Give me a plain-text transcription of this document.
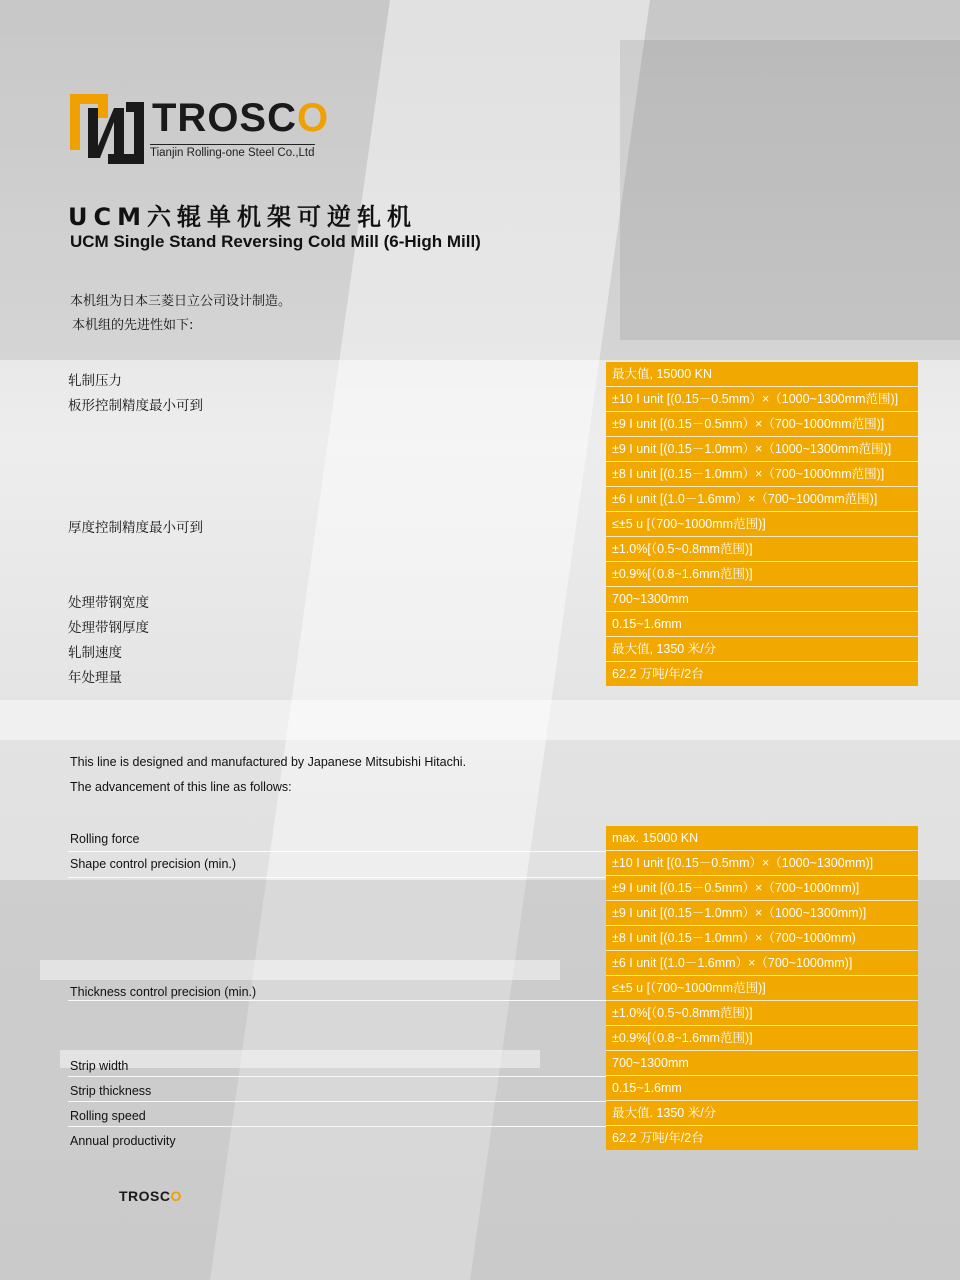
TROSCO
Tianjin Rolling-one Steel Co.,Ltd
UCM六辊单机架可逆轧机
UCM Single Stand Reversing Cold Mill (6-High Mill)
本机组为日本三菱日立公司设计制造。
本机组的先进性如下:
轧制压力
板形控制精度最小可到
厚度控制精度最小可到
处理带钢宽度
处理带钢厚度
轧制速度
年处理量
最大值, 15000 KN
±10 I unit [(0.15－0.5mm）×（1000~1300mm范围)]
±9 I unit [(0.15－0.5mm）×（700~1000mm范围)]
±9 I unit [(0.15－1.0mm）×（1000~1300mm范围)]
±8 I unit [(0.15－1.0mm）×（700~1000mm范围)]
±6 I unit [(1.0－1.6mm）×（700~1000mm范围)]
≤±5 u [（700~1000mm范围)]
±1.0%[（0.5~0.8mm范围)]
±0.9%[（0.8~1.6mm范围)]
700~1300mm
0.15~1.6mm
最大值, 1350 米/分
62.2 万吨/年/2台
This line is designed and manufactured by Japanese Mitsubishi Hitachi.
The advancement of this line as follows:
Rolling force
Shape control precision (min.)
Thickness control precision (min.)
Strip width
Strip thickness
Rolling speed
Annual productivity
max. 15000 KN
±10 I unit [(0.15－0.5mm）×（1000~1300mm)]
±9 I unit [(0.15－0.5mm）×（700~1000mm)]
±9 I unit [(0.15－1.0mm）×（1000~1300mm)]
±8 I unit [(0.15－1.0mm）×（700~1000mm)
±6 I unit [(1.0－1.6mm）×（700~1000mm)]
≤±5 u [（700~1000mm范围)]
±1.0%[（0.5~0.8mm范围)]
±0.9%[（0.8~1.6mm范围)]
700~1300mm
0.15~1.6mm
最大值. 1350 米/分
62.2 万吨/年/2台
TROSCO
